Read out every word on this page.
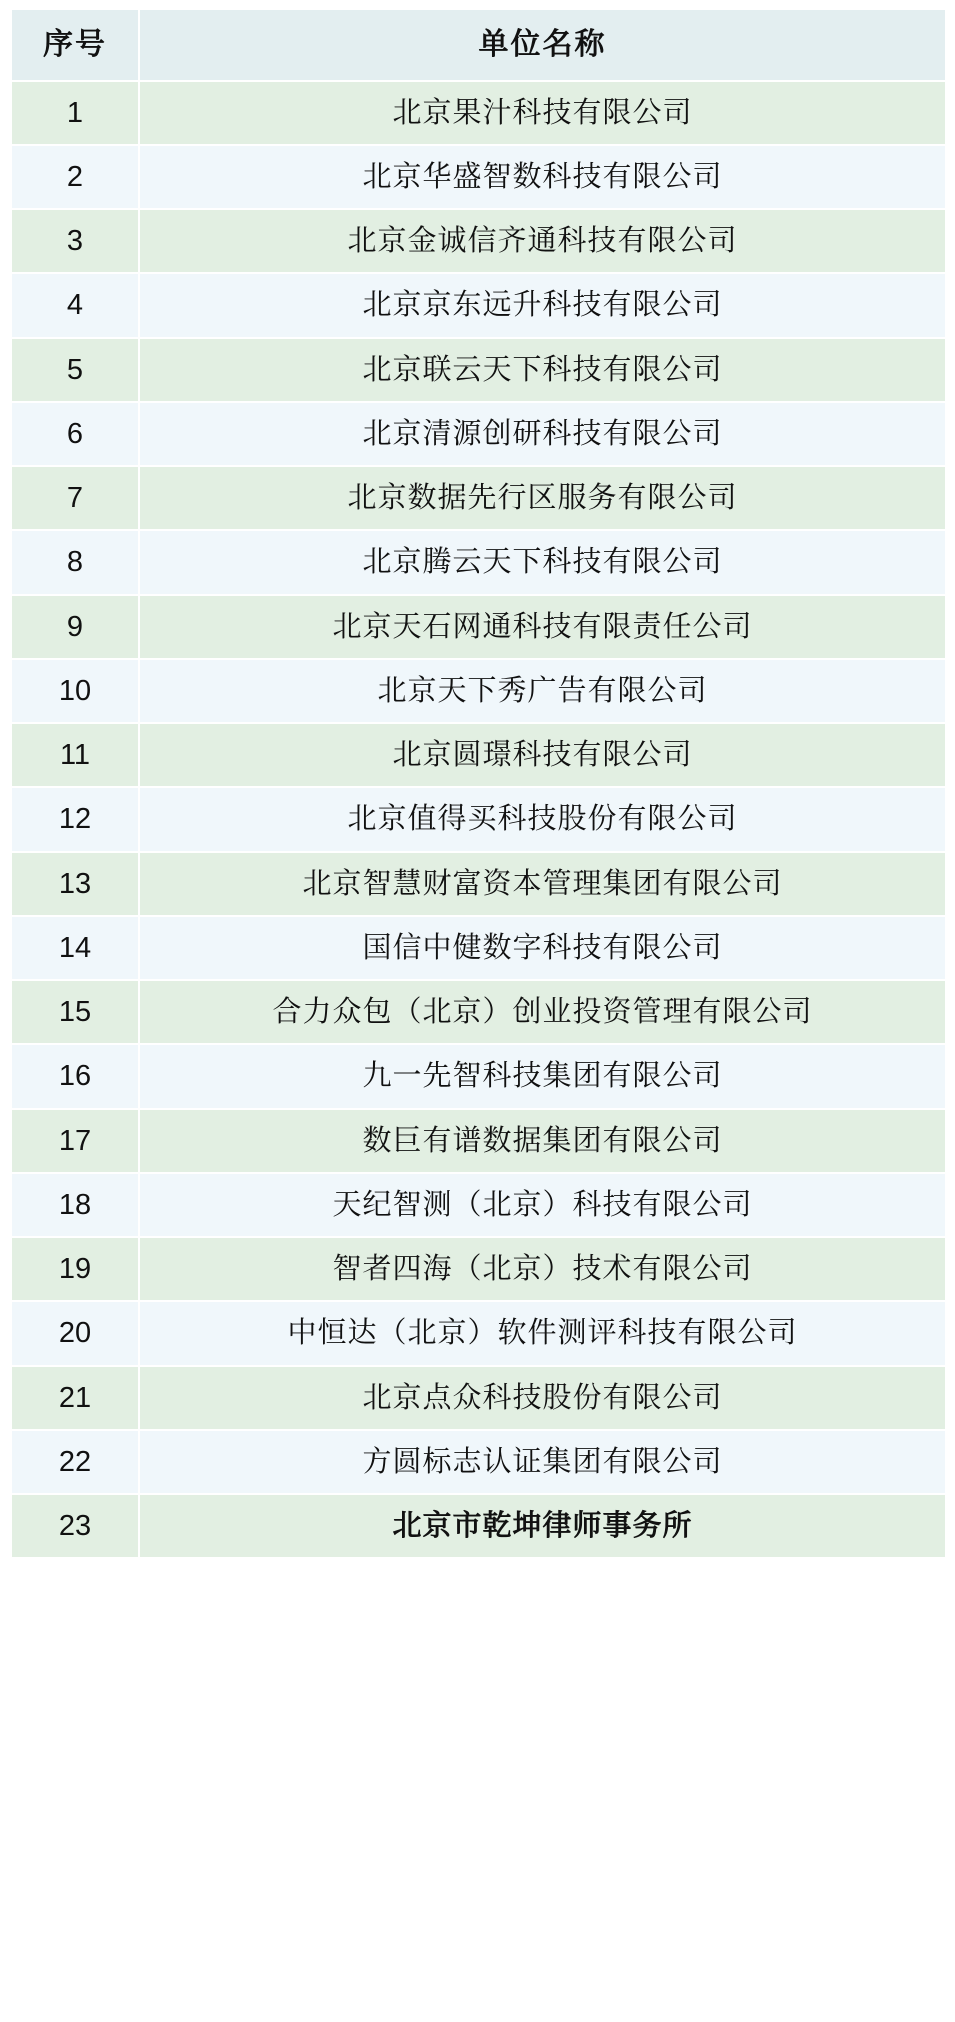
序号	单位名称
1	北京果汁科技有限公司
2	北京华盛智数科技有限公司
3	北京金诚信齐通科技有限公司
4	北京京东远升科技有限公司
5	北京联云天下科技有限公司
6	北京清源创研科技有限公司
7	北京数据先行区服务有限公司
8	北京腾云天下科技有限公司
9	北京天石网通科技有限责任公司
10	北京天下秀广告有限公司
11	北京圆璟科技有限公司
12	北京值得买科技股份有限公司
13	北京智慧财富资本管理集团有限公司
14	国信中健数字科技有限公司
15	合力众包（北京）创业投资管理有限公司
16	九一先智科技集团有限公司
17	数巨有谱数据集团有限公司
18	天纪智测（北京）科技有限公司
19	智者四海（北京）技术有限公司
20	中恒达（北京）软件测评科技有限公司
21	北京点众科技股份有限公司
22	方圆标志认证集团有限公司
23	北京市乾坤律师事务所
